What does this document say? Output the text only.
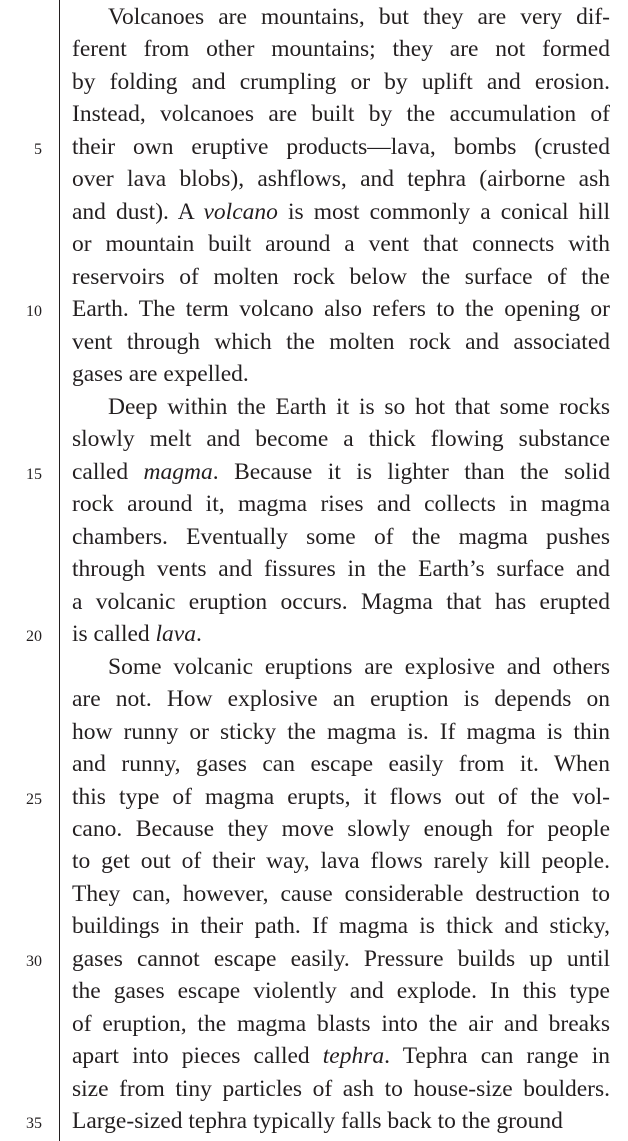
Volcanoes are mountains, but they are very dif-
ferent from other mountains; they are not formed
by folding and crumpling or by uplift and erosion.
Instead, volcanoes are built by the accumulation of
their own eruptive products—lava, bombs (crusted
over lava blobs), ashflows, and tephra (airborne ash
and dust). A volcano is most commonly a conical hill
or mountain built around a vent that connects with
reservoirs of molten rock below the surface of the
Earth. The term volcano also refers to the opening or
vent through which the molten rock and associated
gases are expelled.
Deep within the Earth it is so hot that some rocks
slowly melt and become a thick flowing substance
called magma. Because it is lighter than the solid
rock around it, magma rises and collects in magma
chambers. Eventually some of the magma pushes
through vents and fissures in the Earth’s surface and
a volcanic eruption occurs. Magma that has erupted
is called lava.
Some volcanic eruptions are explosive and others
are not. How explosive an eruption is depends on
how runny or sticky the magma is. If magma is thin
and runny, gases can escape easily from it. When
this type of magma erupts, it flows out of the vol-
cano. Because they move slowly enough for people
to get out of their way, lava flows rarely kill people.
They can, however, cause considerable destruction to
buildings in their path. If magma is thick and sticky,
gases cannot escape easily. Pressure builds up until
the gases escape violently and explode. In this type
of eruption, the magma blasts into the air and breaks
apart into pieces called tephra. Tephra can range in
size from tiny particles of ash to house-size boulders.
Large-sized tephra typically falls back to the ground
5
10
15
20
25
30
35
